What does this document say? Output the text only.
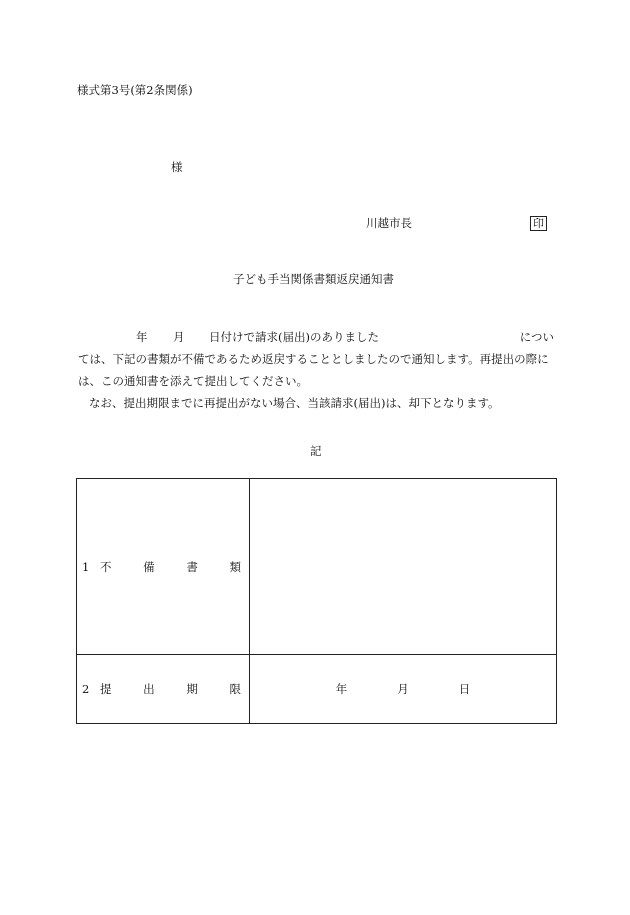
様式第3号(第2条関係)
様
川越市長	印
子ども手当関係書類返戻通知書
年 月 日付けで請求(届出)のありました	につい
ては、下記の書類が不備であるため返戻することとしましたので通知します。再提出の際に
は、この通知書を添えて提出してください。
なお、提出期限までに再提出がない場合、当該請求(届出)は、却下となります。
記
1 不 備 書 類	

2 提 出 期 限	年 月 日
